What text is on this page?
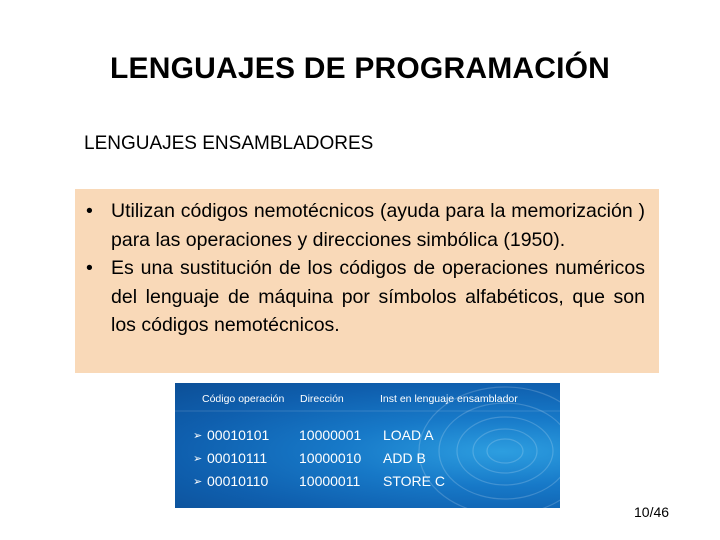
LENGUAJES DE PROGRAMACIÓN
LENGUAJES ENSAMBLADORES
• Utilizan códigos nemotécnicos (ayuda para la memorización ) para las operaciones y direcciones simbólica (1950).
• Es una sustitución de los códigos de operaciones numéricos del lenguaje de máquina por símbolos alfabéticos, que son los códigos nemotécnicos.
Código operación Dirección	Inst en lenguaje ensamblador
➢ 00010101 10000001 LOAD A
➢ 00010111 10000010 ADD B
➢ 00010110 10000011 STORE C
10/46
